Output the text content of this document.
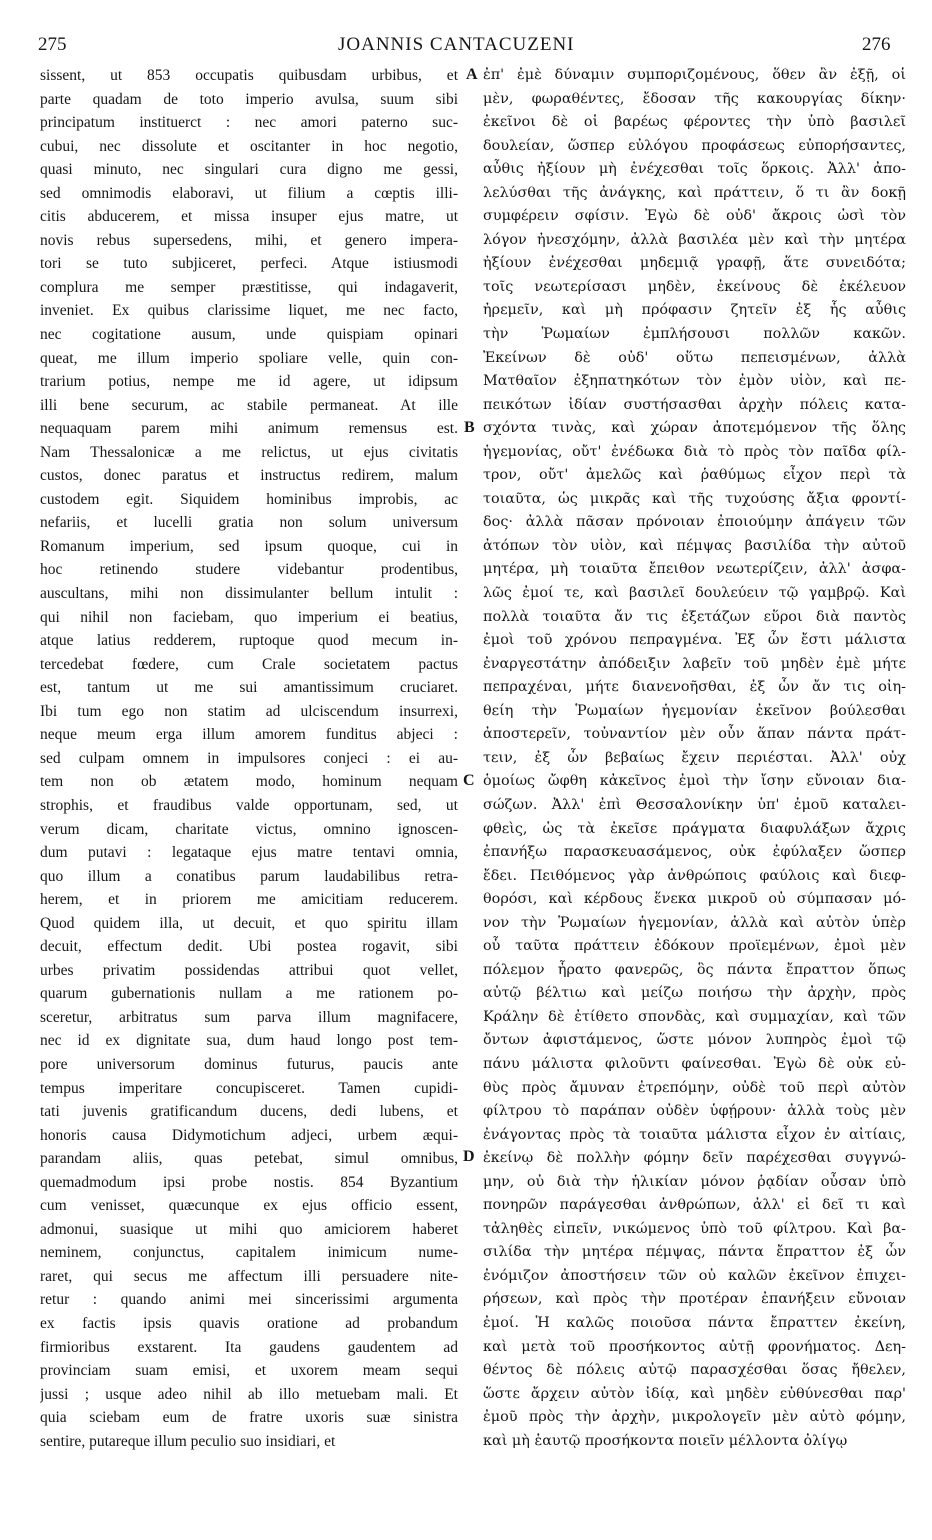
275	JOANNIS CANTACUZENI	276
sissent, ut 853 occupatis quibusdam urbibus, et
parte quadam de toto imperio avulsa, suum sibi
principatum instituerct : nec amori paterno suc-
cubui, nec dissolute et oscitanter in hoc negotio,
quasi minuto, nec singulari cura digno me gessi,
sed omnimodis elaboravi, ut filium a cœptis illi-
citis abducerem, et missa insuper ejus matre, ut
novis rebus supersedens, mihi, et genero impera-
tori se tuto subjiceret, perfeci. Atque istiusmodi
complura me semper præstitisse, qui indagaverit,
inveniet. Ex quibus clarissime liquet, me nec facto,
nec cogitatione ausum, unde quispiam opinari
queat, me illum imperio spoliare velle, quin con-
trarium potius, nempe me id agere, ut idipsum
illi bene securum, ac stabile permaneat. At ille
nequaquam parem mihi animum remensus est.
Nam Thessalonicæ a me relictus, ut ejus civitatis
custos, donec paratus et instructus redirem, malum
custodem egit. Siquidem hominibus improbis, ac
nefariis, et lucelli gratia non solum universum
Romanum imperium, sed ipsum quoque, cui in
hoc retinendo studere videbantur prodentibus,
auscultans, mihi non dissimulanter bellum intulit :
qui nihil non faciebam, quo imperium ei beatius,
atque latius redderem, ruptoque quod mecum in-
tercedebat fœdere, cum Crale societatem pactus
est, tantum ut me sui amantissimum cruciaret.
Ibi tum ego non statim ad ulciscendum insurrexi,
neque meum erga illum amorem funditus abjeci :
sed culpam omnem in impulsores conjeci : ei au-
tem non ob ætatem modo, hominum nequam
strophis, et fraudibus valde opportunam, sed, ut
verum dicam, charitate victus, omnino ignoscen-
dum putavi : legataque ejus matre tentavi omnia,
quo illum a conatibus parum laudabilibus retra-
herem, et in priorem me amicitiam reducerem.
Quod quidem illa, ut decuit, et quo spiritu illam
decuit, effectum dedit. Ubi postea rogavit, sibi
urbes privatim possidendas attribui quot vellet,
quarum gubernationis nullam a me rationem po-
sceretur, arbitratus sum parva illum magnifacere,
nec id ex dignitate sua, dum haud longo post tem-
pore universorum dominus futurus, paucis ante
tempus imperitare concupisceret. Tamen cupidi-
tati juvenis gratificandum ducens, dedi lubens, et
honoris causa Didymotichum adjeci, urbem æqui-
parandam aliis, quas petebat, simul omnibus,
quemadmodum ipsi probe nostis. 854 Byzantium
cum venisset, quæcunque ex ejus officio essent,
admonui, suasique ut mihi quo amiciorem haberet
neminem, conjunctus, capitalem inimicum nume-
raret, qui secus me affectum illi persuadere nite-
retur : quando animi mei sincerissimi argumenta
ex factis ipsis quavis oratione ad probandum
firmioribus exstarent. Ita gaudens gaudentem ad
provinciam suam emisi, et uxorem meam sequi
jussi ; usque adeo nihil ab illo metuebam mali. Et
quia sciebam eum de fratre uxoris suæ sinistra
sentire, putareque illum peculio suo insidiari, et
A
B
C
D
ἐπ' ἐμὲ δύναμιν συμποριζομένους, ὅθεν ἂν ἐξῇ, οἱ
μὲν, φωραθέντες, ἔδοσαν τῆς κακουργίας δίκην·
ἐκεῖνοι δὲ οἱ βαρέως φέροντες τὴν ὑπὸ βασιλεῖ
δουλείαν, ὥσπερ εὐλόγου προφάσεως εὐπορήσαντες,
αὖθις ἠξίουν μὴ ἐνέχεσθαι τοῖς ὅρκοις. Ἀλλ' ἀπο-
λελύσθαι τῆς ἀνάγκης, καὶ πράττειν, ὅ τι ἂν δοκῇ
συμφέρειν σφίσιν. Ἐγὼ δὲ οὐδ' ἄκροις ὠσὶ τὸν
λόγον ἠνεσχόμην, ἀλλὰ βασιλέα μὲν καὶ τὴν μητέρα
ἠξίουν ἐνέχεσθαι μηδεμιᾷ γραφῇ, ἅτε συνειδότα;
τοῖς νεωτερίσασι μηδὲν, ἐκείνους δὲ ἐκέλευον
ἠρεμεῖν, καὶ μὴ πρόφασιν ζητεῖν ἐξ ἧς αὖθις
τὴν Ῥωμαίων ἐμπλήσουσι πολλῶν κακῶν.
Ἐκείνων δὲ οὐδ' οὕτω πεπεισμένων, ἀλλὰ
Ματθαῖον ἐξηπατηκότων τὸν ἐμὸν υἱὸν, καὶ πε-
πεικότων ἰδίαν συστήσασθαι ἀρχὴν πόλεις κατα-
σχόντα τινὰς, καὶ χώραν ἀποτεμόμενον τῆς ὅλης
ἡγεμονίας, οὔτ' ἐνέδωκα διὰ τὸ πρὸς τὸν παῖδα φίλ-
τρον, οὔτ' ἀμελῶς καὶ ῥαθύμως εἶχον περὶ τὰ
τοιαῦτα, ὡς μικρᾶς καὶ τῆς τυχούσης ἄξια φροντί-
δος· ἀλλὰ πᾶσαν πρόνοιαν ἐποιούμην ἀπάγειν τῶν
ἀτόπων τὸν υἱὸν, καὶ πέμψας βασιλίδα τὴν αὐτοῦ
μητέρα, μὴ τοιαῦτα ἔπειθον νεωτερίζειν, ἀλλ' ἀσφα-
λῶς ἐμοί τε, καὶ βασιλεῖ δουλεύειν τῷ γαμβρῷ. Καὶ
πολλὰ τοιαῦτα ἄν τις ἐξετάζων εὕροι διὰ παντὸς
ἐμοὶ τοῦ χρόνου πεπραγμένα. Ἐξ ὧν ἔστι μάλιστα
ἐναργεστάτην ἀπόδειξιν λαβεῖν τοῦ μηδὲν ἐμὲ μήτε
πεπραχέναι, μήτε διανενοῆσθαι, ἐξ ὧν ἄν τις οἰη-
θείη τὴν Ῥωμαίων ἡγεμονίαν ἐκεῖνον βούλεσθαι
ἀποστερεῖν, τοὐναντίον μὲν οὖν ἅπαν πάντα πράτ-
τειν, ἐξ ὧν βεβαίως ἔχειν περιέσται. Ἀλλ' οὐχ
ὁμοίως ὤφθη κἀκεῖνος ἐμοὶ τὴν ἴσην εὔνοιαν δια-
σώζων. Ἀλλ' ἐπὶ Θεσσαλονίκην ὑπ' ἐμοῦ καταλει-
φθεὶς, ὡς τὰ ἐκεῖσε πράγματα διαφυλάξων ἄχρις
ἐπανήξω παρασκευασάμενος, οὐκ ἐφύλαξεν ὥσπερ
ἔδει. Πειθόμενος γὰρ ἀνθρώποις φαύλοις καὶ διεφ-
θορόσι, καὶ κέρδους ἕνεκα μικροῦ οὐ σύμπασαν μό-
νον τὴν Ῥωμαίων ἡγεμονίαν, ἀλλὰ καὶ αὐτὸν ὑπὲρ
οὗ ταῦτα πράττειν ἐδόκουν προϊεμένων, ἐμοὶ μὲν
πόλεμον ἦρατο φανερῶς, ὃς πάντα ἔπραττον ὅπως
αὐτῷ βέλτιω καὶ μείζω ποιήσω τὴν ἀρχὴν, πρὸς
Κράλην δὲ ἐτίθετο σπονδὰς, καὶ συμμαχίαν, καὶ τῶν
ὄντων ἀφιστάμενος, ὥστε μόνον λυπηρὸς ἐμοὶ τῷ
πάνυ μάλιστα φιλοῦντι φαίνεσθαι. Ἐγὼ δὲ οὐκ εὐ-
θὺς πρὸς ἄμυναν ἐτρεπόμην, οὐδὲ τοῦ περὶ αὐτὸν
φίλτρου τὸ παράπαν οὐδὲν ὑφῄρουν· ἀλλὰ τοὺς μὲν
ἐνάγοντας πρὸς τὰ τοιαῦτα μάλιστα εἶχον ἐν αἰτίαις,
ἐκείνῳ δὲ πολλὴν φόμην δεῖν παρέχεσθαι συγγνώ-
μην, οὐ διὰ τὴν ἡλικίαν μόνον ῥᾳδίαν οὖσαν ὑπὸ
πονηρῶν παράγεσθαι ἀνθρώπων, ἀλλ' εἰ δεῖ τι καὶ
τἀληθὲς εἰπεῖν, νικώμενος ὑπὸ τοῦ φίλτρου. Καὶ βα-
σιλίδα τὴν μητέρα πέμψας, πάντα ἔπραττον ἐξ ὧν
ἐνόμιζον ἀποστήσειν τῶν οὐ καλῶν ἐκεῖνον ἐπιχει-
ρήσεων, καὶ πρὸς τὴν προτέραν ἐπανήξειν εὔνοιαν
ἐμοί. Ἡ καλῶς ποιοῦσα πάντα ἔπραττεν ἐκείνη,
καὶ μετὰ τοῦ προσήκοντος αὐτῇ φρονήματος. Δεη-
θέντος δὲ πόλεις αὐτῷ παρασχέσθαι ὅσας ἤθελεν,
ὥστε ἄρχειν αὐτὸν ἰδίᾳ, καὶ μηδὲν εὐθύνεσθαι παρ'
ἐμοῦ πρὸς τὴν ἀρχὴν, μικρολογεῖν μὲν αὐτὸ φόμην,
καὶ μὴ ἑαυτῷ προσήκοντα ποιεῖν μέλλοντα ὀλίγῳ
